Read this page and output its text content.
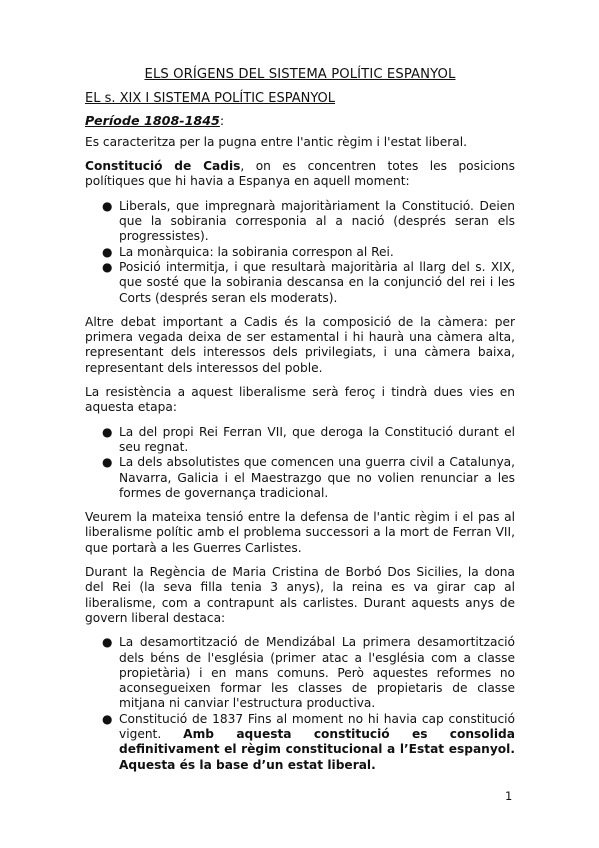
ELS ORÍGENS DEL SISTEMA POLÍTIC ESPANYOL
EL s. XIX I SISTEMA POLÍTIC ESPANYOL
Període 1808-1845:

Es caracteritza per la pugna entre l'antic règim i l'estat liberal.

Constitució de Cadis, on es concentren totes les posicions polítiques que hi havia a Espanya en aquell moment:

● Liberals, que impregnarà majoritàriament la Constitució. Deien que la sobirania corresponia al a nació (després seran els progressistes).
● La monàrquica: la sobirania correspon al Rei.
● Posició intermitja, i que resultarà majoritària al llarg del s. XIX, que sosté que la sobirania descansa en la conjunció del rei i les Corts (després seran els moderats).

Altre debat important a Cadis és la composició de la càmera: per primera vegada deixa de ser estamental i hi haurà una càmera alta, representant dels interessos dels privilegiats, i una càmera baixa, representant dels interessos del poble.

La resistència a aquest liberalisme serà feroç i tindrà dues vies en aquesta etapa:

● La del propi Rei Ferran VII, que deroga la Constitució durant el seu regnat.
● La dels absolutistes que comencen una guerra civil a Catalunya, Navarra, Galicia i el Maestrazgo que no volien renunciar a les formes de governança tradicional.

Veurem la mateixa tensió entre la defensa de l'antic règim i el pas al liberalisme polític amb el problema successori a la mort de Ferran VII, que portarà a les Guerres Carlistes.

Durant la Regència de Maria Cristina de Borbó Dos Sicilies, la dona del Rei (la seva filla tenia 3 anys), la reina es va girar cap al liberalisme, com a contrapunt als carlistes. Durant aquests anys de govern liberal destaca:

● La desamortització de Mendizábal La primera desamortització dels béns de l'església (primer atac a l'església com a classe propietària) i en mans comuns. Però aquestes reformes no aconsegueixen formar les classes de propietaris de classe mitjana ni canviar l'estructura productiva.
● Constitució de 1837 Fins al moment no hi havia cap constitució vigent. Amb aquesta constitució es consolida definitivament el règim constitucional a l’Estat espanyol. Aquesta és la base d’un estat liberal.
1
